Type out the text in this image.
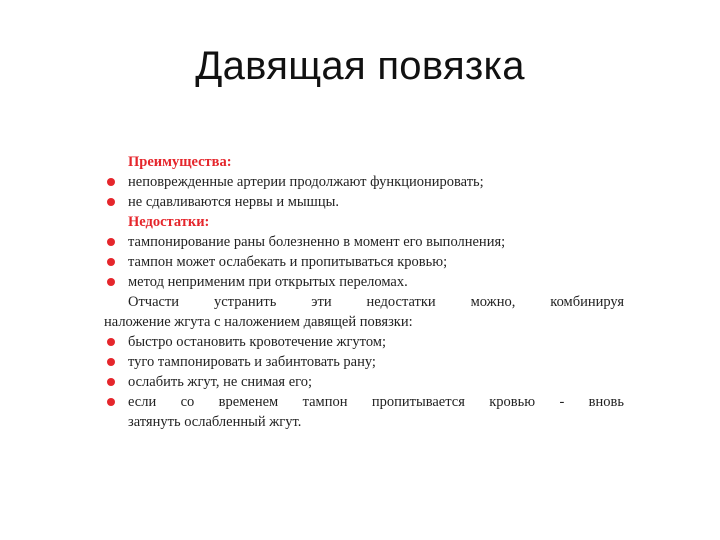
Давящая повязка
Преимущества:
неповрежденные артерии продолжают функционировать;
не сдавливаются нервы и мышцы.
Недостатки:
тампонирование раны болезненно в момент его выполнения;
тампон может ослабекать и пропитываться кровью;
метод неприменим при открытых переломах.
Отчасти устранить эти недостатки можно, комбинируя
наложение жгута с наложением давящей повязки:
быстро остановить кровотечение жгутом;
туго тампонировать и забинтовать рану;
ослабить жгут, не снимая его;
если со временем тампон пропитывается кровью - вновь
затянуть ослабленный жгут.
